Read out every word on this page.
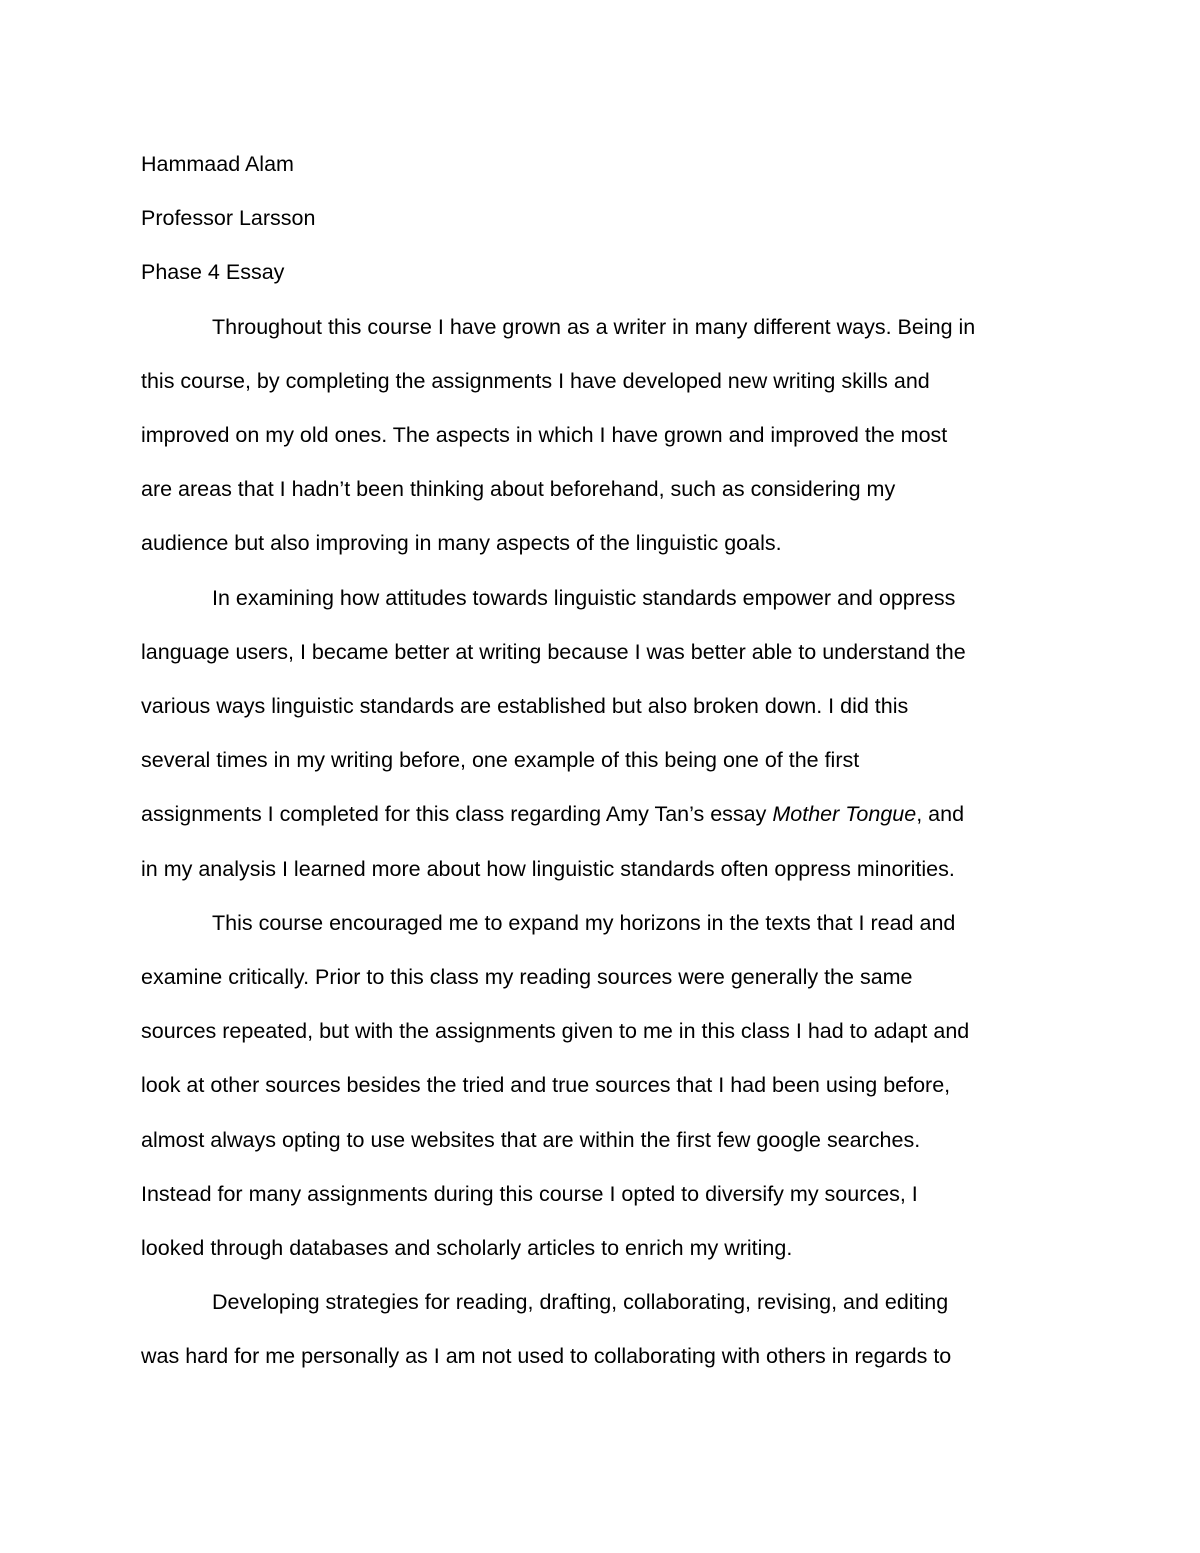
Hammaad Alam

Professor Larsson

Phase 4 Essay

Throughout this course I have grown as a writer in many different ways. Being in

this course, by completing the assignments I have developed new writing skills and

improved on my old ones. The aspects in which I have grown and improved the most

are areas that I hadn’t been thinking about beforehand, such as considering my

audience but also improving in many aspects of the linguistic goals.

In examining how attitudes towards linguistic standards empower and oppress

language users, I became better at writing because I was better able to understand the

various ways linguistic standards are established but also broken down. I did this

several times in my writing before, one example of this being one of the first

assignments I completed for this class regarding Amy Tan’s essay Mother Tongue, and

in my analysis I learned more about how linguistic standards often oppress minorities.

This course encouraged me to expand my horizons in the texts that I read and

examine critically. Prior to this class my reading sources were generally the same

sources repeated, but with the assignments given to me in this class I had to adapt and

look at other sources besides the tried and true sources that I had been using before,

almost always opting to use websites that are within the first few google searches.

Instead for many assignments during this course I opted to diversify my sources, I

looked through databases and scholarly articles to enrich my writing.

Developing strategies for reading, drafting, collaborating, revising, and editing

was hard for me personally as I am not used to collaborating with others in regards to
